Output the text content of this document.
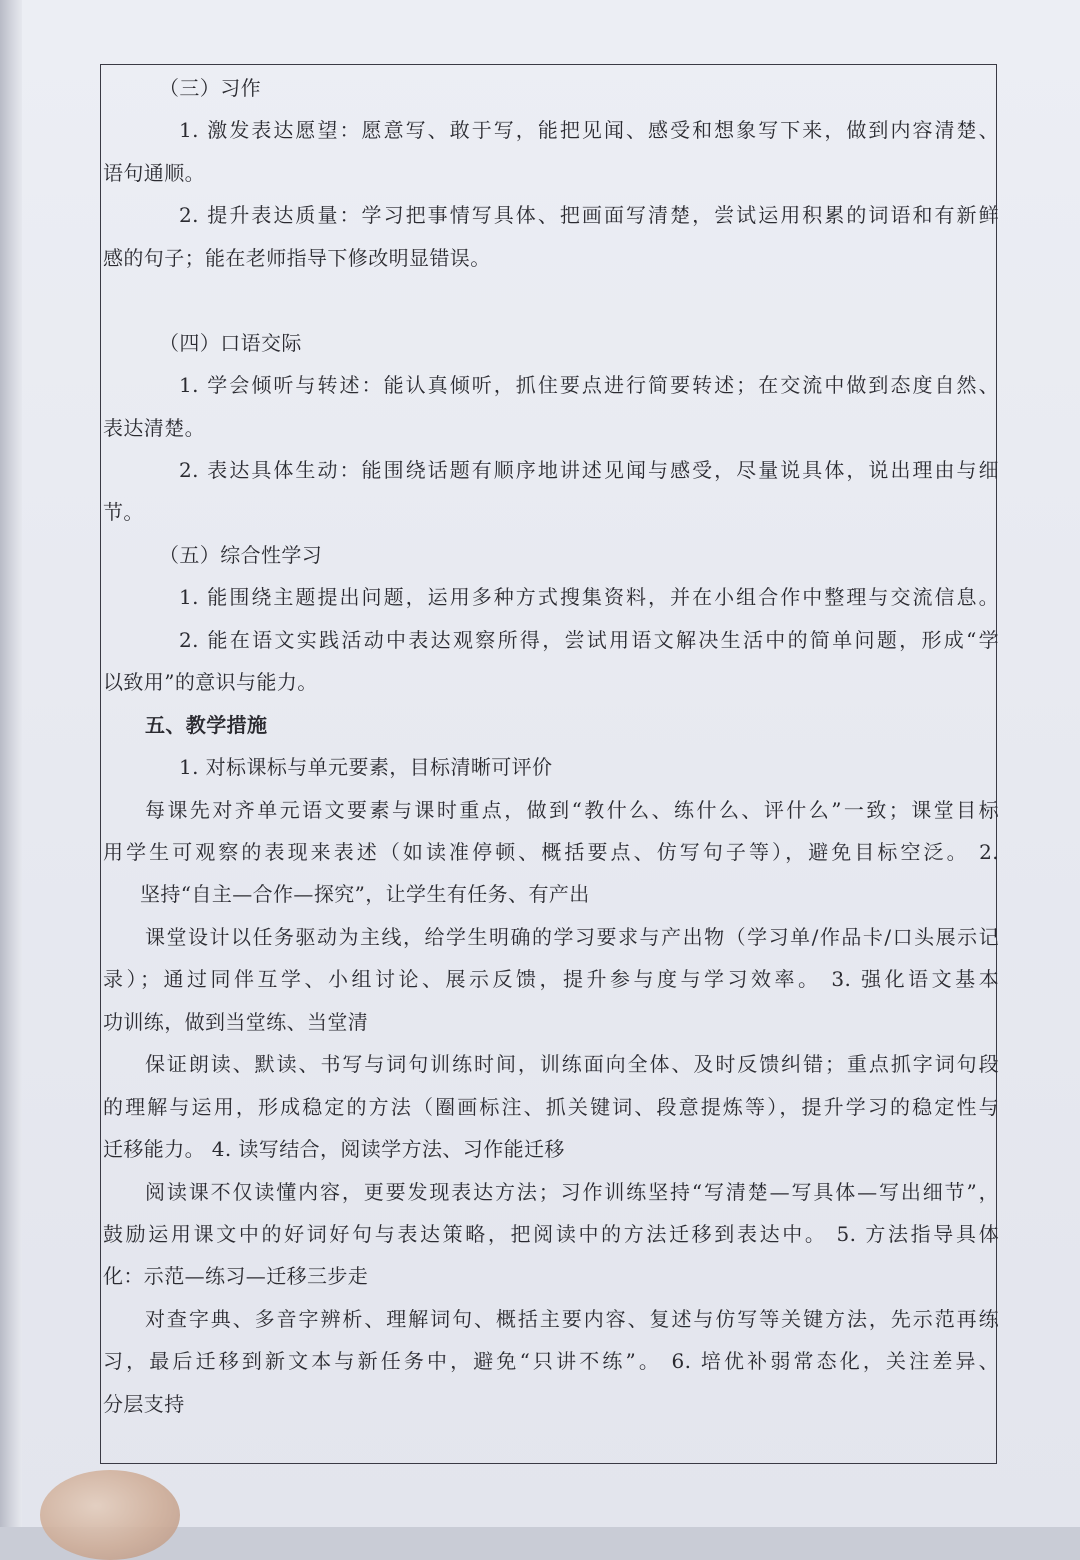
（三）习作
1. 激发表达愿望：愿意写、敢于写，能把见闻、感受和想象写下来，做到内容清楚、
语句通顺。
2. 提升表达质量：学习把事情写具体、把画面写清楚，尝试运用积累的词语和有新鲜
感的句子；能在老师指导下修改明显错误。
（四）口语交际
1. 学会倾听与转述：能认真倾听，抓住要点进行简要转述；在交流中做到态度自然、
表达清楚。
2. 表达具体生动：能围绕话题有顺序地讲述见闻与感受，尽量说具体，说出理由与细
节。
（五）综合性学习
1. 能围绕主题提出问题，运用多种方式搜集资料，并在小组合作中整理与交流信息。
2. 能在语文实践活动中表达观察所得，尝试用语文解决生活中的简单问题，形成“学
以致用”的意识与能力。
五、教学措施
1. 对标课标与单元要素，目标清晰可评价
每课先对齐单元语文要素与课时重点，做到“教什么、练什么、评什么”一致；课堂目标
用学生可观察的表现来表述（如读准停顿、概括要点、仿写句子等），避免目标空泛。 2.
坚持“自主—合作—探究”，让学生有任务、有产出
课堂设计以任务驱动为主线，给学生明确的学习要求与产出物（学习单/作品卡/口头展示记
录）；通过同伴互学、小组讨论、展示反馈，提升参与度与学习效率。 3. 强化语文基本
功训练，做到当堂练、当堂清
保证朗读、默读、书写与词句训练时间，训练面向全体、及时反馈纠错；重点抓字词句段
的理解与运用，形成稳定的方法（圈画标注、抓关键词、段意提炼等），提升学习的稳定性与
迁移能力。 4. 读写结合，阅读学方法、习作能迁移
阅读课不仅读懂内容，更要发现表达方法；习作训练坚持“写清楚—写具体—写出细节”，
鼓励运用课文中的好词好句与表达策略，把阅读中的方法迁移到表达中。 5. 方法指导具体
化：示范—练习—迁移三步走
对查字典、多音字辨析、理解词句、概括主要内容、复述与仿写等关键方法，先示范再练
习，最后迁移到新文本与新任务中，避免“只讲不练”。 6. 培优补弱常态化，关注差异、
分层支持
